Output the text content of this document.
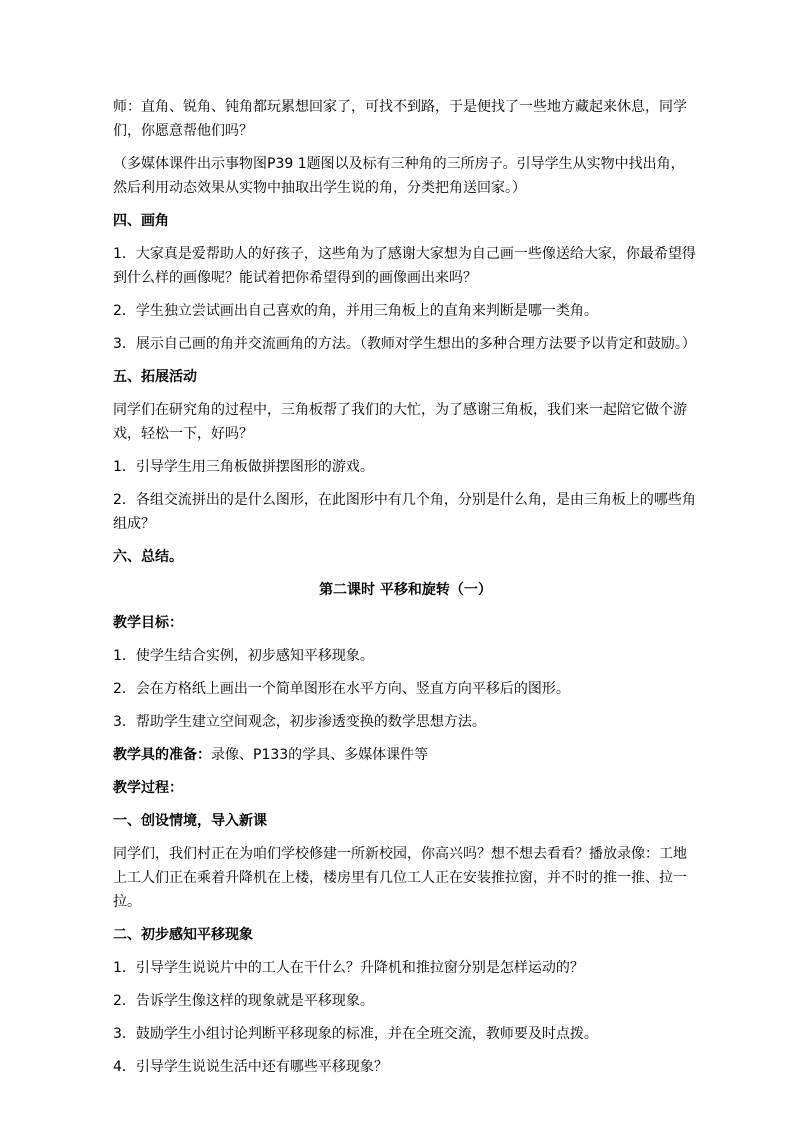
师：直角、锐角、钝角都玩累想回家了，可找不到路，于是便找了一些地方藏起来休息，同学们，你愿意帮他们吗？

（多媒体课件出示事物图P39 1题图以及标有三种角的三所房子。引导学生从实物中找出角，然后利用动态效果从实物中抽取出学生说的角，分类把角送回家。）

四、画角

1．大家真是爱帮助人的好孩子，这些角为了感谢大家想为自己画一些像送给大家，你最希望得到什么样的画像呢？能试着把你希望得到的画像画出来吗？

2．学生独立尝试画出自己喜欢的角，并用三角板上的直角来判断是哪一类角。

3．展示自己画的角并交流画角的方法。（教师对学生想出的多种合理方法要予以肯定和鼓励。）

五、拓展活动

同学们在研究角的过程中，三角板帮了我们的大忙，为了感谢三角板，我们来一起陪它做个游戏，轻松一下，好吗？

1．引导学生用三角板做拼摆图形的游戏。

2．各组交流拼出的是什么图形，在此图形中有几个角，分别是什么角，是由三角板上的哪些角组成？

六、总结。

第二课时 平移和旋转（一）

教学目标：

1．使学生结合实例，初步感知平移现象。

2．会在方格纸上画出一个简单图形在水平方向、竖直方向平移后的图形。

3．帮助学生建立空间观念，初步渗透变换的数学思想方法。

教学具的准备：录像、P133的学具、多媒体课件等

教学过程：

一、创设情境，导入新课

同学们，我们村正在为咱们学校修建一所新校园，你高兴吗？想不想去看看？播放录像：工地上工人们正在乘着升降机在上楼，楼房里有几位工人正在安装推拉窗，并不时的推一推、拉一拉。

二、初步感知平移现象

1．引导学生说说片中的工人在干什么？升降机和推拉窗分别是怎样运动的？

2．告诉学生像这样的现象就是平移现象。

3．鼓励学生小组讨论判断平移现象的标准，并在全班交流，教师要及时点拨。

4．引导学生说说生活中还有哪些平移现象？
